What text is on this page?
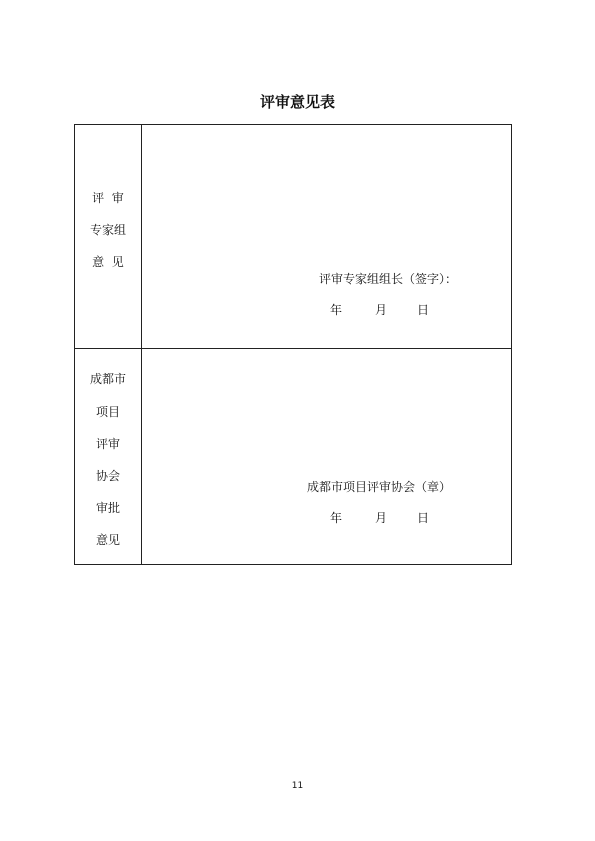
评审意见表
评  审
专家组
意  见
评审专家组组长（签字）：
年	月 日
成都市
项目
评审
协会
审批
意见
成都市项目评审协会（章）
年	月 日
11
